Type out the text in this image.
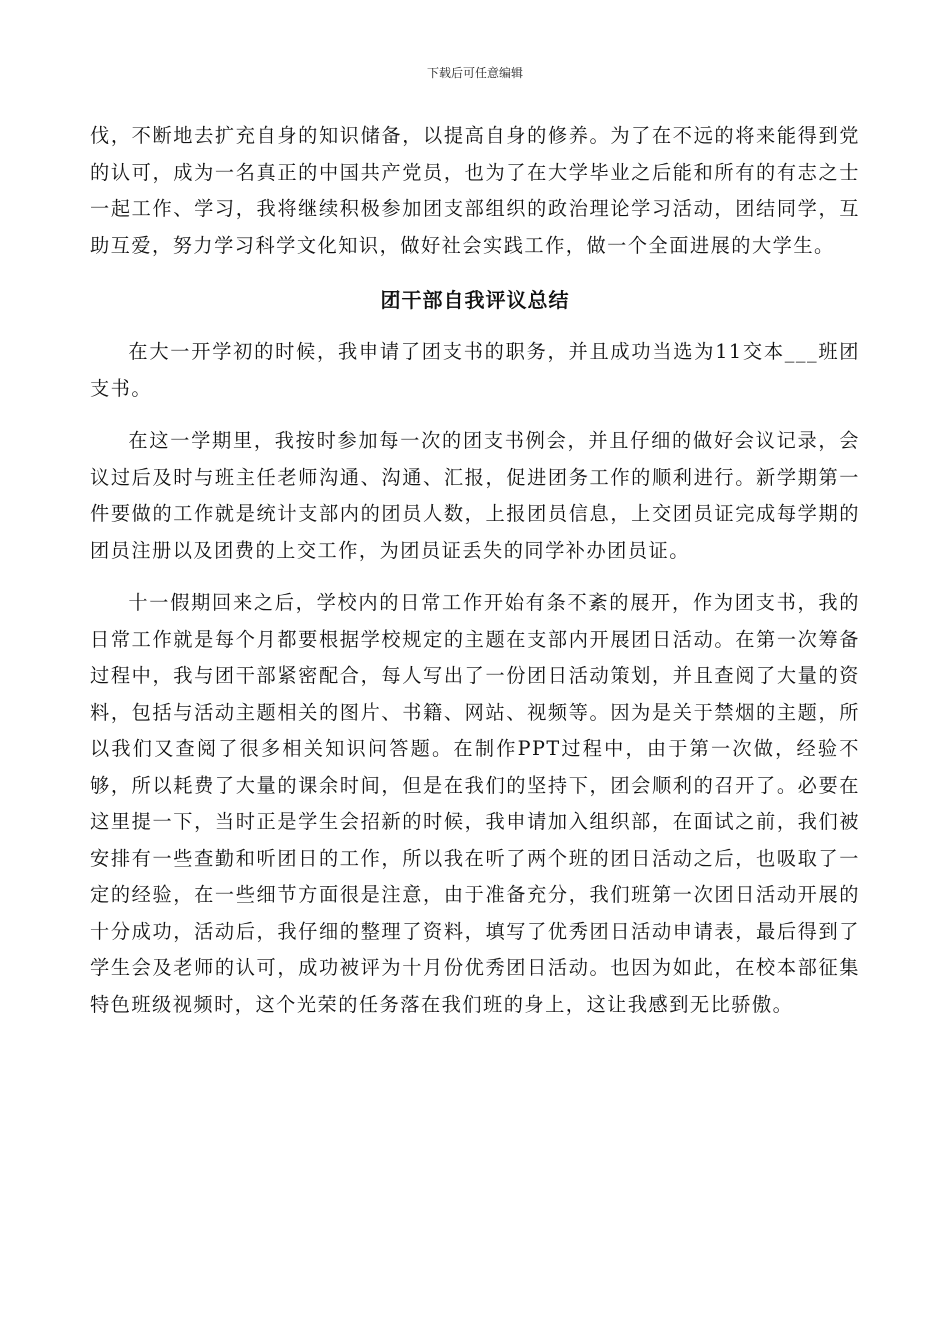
下载后可任意编辑

伐，不断地去扩充自身的知识储备，以提高自身的修养。为了在不远的将来能得到党的认可，成为一名真正的中国共产党员，也为了在大学毕业之后能和所有的有志之士一起工作、学习，我将继续积极参加团支部组织的政治理论学习活动，团结同学，互助互爱，努力学习科学文化知识，做好社会实践工作，做一个全面进展的大学生。

团干部自我评议总结

在大一开学初的时候，我申请了团支书的职务，并且成功当选为11交本___班团支书。

在这一学期里，我按时参加每一次的团支书例会，并且仔细的做好会议记录，会议过后及时与班主任老师沟通、沟通、汇报，促进团务工作的顺利进行。新学期第一件要做的工作就是统计支部内的团员人数，上报团员信息，上交团员证完成每学期的团员注册以及团费的上交工作，为团员证丢失的同学补办团员证。

十一假期回来之后，学校内的日常工作开始有条不紊的展开，作为团支书，我的日常工作就是每个月都要根据学校规定的主题在支部内开展团日活动。在第一次筹备过程中，我与团干部紧密配合，每人写出了一份团日活动策划，并且查阅了大量的资料，包括与活动主题相关的图片、书籍、网站、视频等。因为是关于禁烟的主题，所以我们又查阅了很多相关知识问答题。在制作PPT过程中，由于第一次做，经验不够，所以耗费了大量的课余时间，但是在我们的坚持下，团会顺利的召开了。必要在这里提一下，当时正是学生会招新的时候，我申请加入组织部，在面试之前，我们被安排有一些查勤和听团日的工作，所以我在听了两个班的团日活动之后，也吸取了一定的经验，在一些细节方面很是注意，由于准备充分，我们班第一次团日活动开展的十分成功，活动后，我仔细的整理了资料，填写了优秀团日活动申请表，最后得到了学生会及老师的认可，成功被评为十月份优秀团日活动。也因为如此，在校本部征集特色班级视频时，这个光荣的任务落在我们班的身上，这让我感到无比骄傲。
